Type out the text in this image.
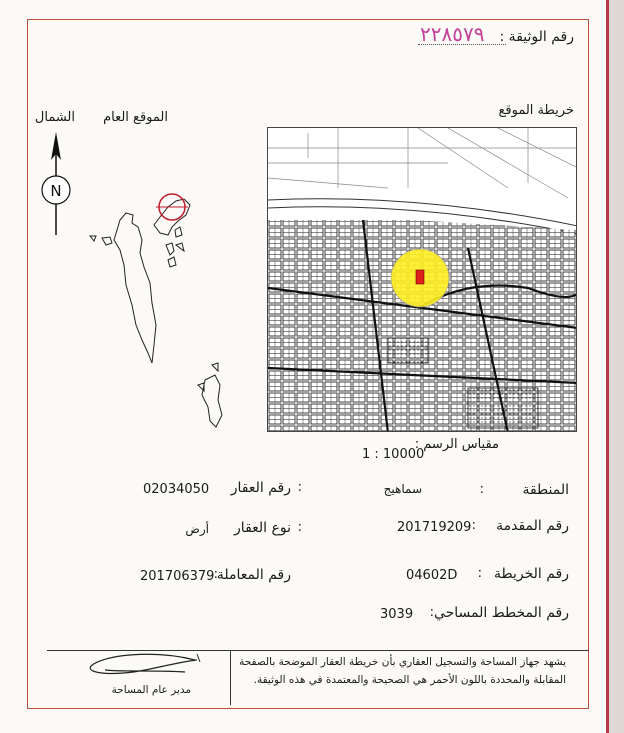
رقم الوثيقة :
٢٢٨٥٧٩
خريطة الموقع
الموقع العام
الشمال
N
مقياس الرسم :
1 : 10000
المنطقة
:
سماهيج
رقم العقار :
02034050
رقم المقدمة
:
201719209
نوع العقار :
أرض
رقم الخريطة
:
04602D
رقم المعاملة
:
201706379
رقم المخطط المساحي
:
3039
يشهد جهاز المساحة والتسجيل العقاري بأن خريطة العقار الموضحة بالصفحة
المقابلة والمحددة باللون الأحمر هي الصحيحة والمعتمدة في هذه الوثيقة.
مدير عام المساحة
